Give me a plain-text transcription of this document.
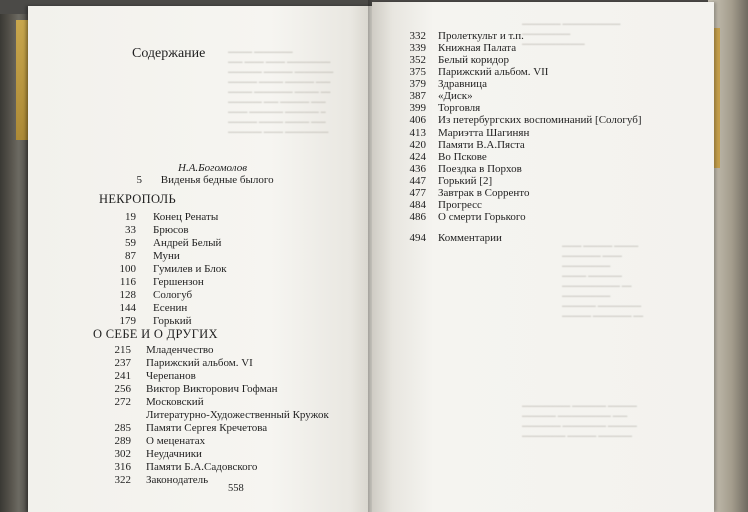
━━━━━ ━━━━━━━━
━━━ ━━━━ ━━━━ ━━━━━━━━━
━━━━━━━ ━━━━━━ ━━━━━━━━
━━━━━━ ━━━━━ ━━━━━━ ━━━
━━━━━ ━━━━━━━━ ━━━━━ ━━
━━━━━━━ ━━━ ━━━━━━ ━━━
━━━━ ━━━━━━━ ━━━━━━━ ━
━━━━━━ ━━━━━ ━━━━━ ━━━
━━━━━━━ ━━━━ ━━━━━━━━━
Содержание
Н.А.Богомолов
5 Виденья бедные былого
НЕКРОПОЛЬ
19 Конец Ренаты
33 Брюсов
59 Андрей Белый
87 Муни
100 Гумилев и Блок
116 Гершензон
128 Сологуб
144 Есенин
179 Горький
О СЕБЕ И О ДРУГИХ
215 Младенчество
237 Парижский альбом. VI
241 Черепанов
256 Виктор Викторович Гофман
272 Московский
Литературно-Художественный Кружок
285 Памяти Сергея Кречетова
289 О меценатах
302 Неудачники
316 Памяти Б.А.Садовского
322 Законодатель
558
━━━━━━━━ ━━━━━━━━━━━━
━━━━━━━━━━
━━━━━━━━━━━━━
━━━━ ━━━━━━ ━━━━━
━━━━━━━━ ━━━━
━━━━━━━━━━
━━━━━ ━━━━━━━
━━━━━━━━━━━━ ━━
━━━━━━━━━━
━━━━━━━ ━━━━━━━━━
━━━━━━ ━━━━━━━━ ━━
━━━━━━━━━━ ━━━━━━━ ━━━━━━
━━━━━━━ ━━━━━━━━━━━ ━━━
━━━━━━━━ ━━━━━━━━━ ━━━━━━
━━━━━━━━━ ━━━━━━ ━━━━━━━
332 Пролеткульт и т.п.
339 Книжная Палата
352 Белый коридор
375 Парижский альбом. VII
379 Здравница
387 «Диск»
399 Торговля
406 Из петербургских воспоминаний [Сологуб]
413 Мариэтта Шагинян
420 Памяти В.А.Пяста
424 Во Пскове
436 Поездка в Порхов
447 Горький [2]
477 Завтрак в Сорренто
484 Прогресс
486 О смерти Горького
494 Комментарии
